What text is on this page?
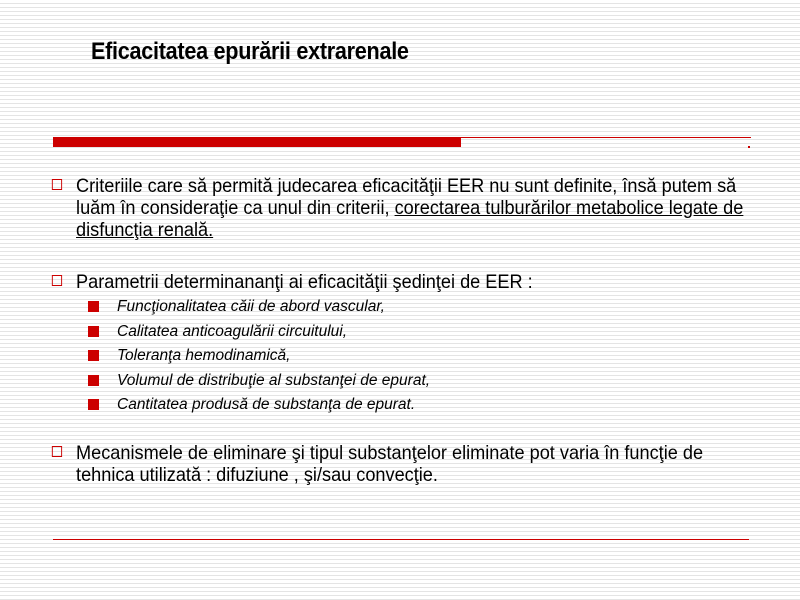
Eficacitatea epurării extrarenale
Criteriile care să permită judecarea eficacităţii EER nu sunt definite, însă putem să
luăm în consideraţie ca unul din criterii, corectarea tulburărilor metabolice legate de
disfuncţia renală.
Parametrii determinananţi ai eficacităţii şedinţei de EER :
Funcţionalitatea căii de abord vascular,
Calitatea anticoagulării circuitului,
Toleranţa hemodinamică,
Volumul de distribuţie al substanţei de epurat,
Cantitatea produsă de substanţa de epurat.
Mecanismele de eliminare şi tipul substanţelor eliminate pot varia în funcţie de
tehnica utilizată : difuziune , şi/sau convecţie.
